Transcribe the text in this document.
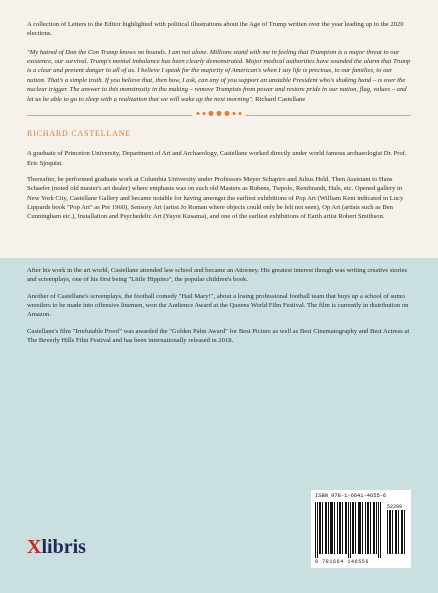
A collection of Letters to the Editor highlighted with political illustrations about the Age of Trump written over the year leading up to the 2020 elections.

"My hatred of Don the Con Trump knows no bounds. I am not alone. Millions stand with me in feeling that Trumpism is a major threat to our existence, our survival. Trump's mental imbalance has been clearly demonstrated. Major medical authorities have sounded the alarm that Trump is a clear and present danger to all of us. I believe I speak for the majority of American's when I say life is precious, to our families, to our nation. That's a simple truth. If you believe that, then how, I ask, can any of you support an unstable President who's shaking hand – is over the nuclear trigger. The answer to this monstrosity in the making – remove Trumpists from power and restore pride in our nation, flag, values – and let us be able to go to sleep with a realization that we will wake up the next morning". Richard Castellane

RICHARD CASTELLANE

A graduate of Princeton University, Department of Art and Archaeology, Castellane worked directly under world famous archaeologist Dr. Prof. Eric Sjoquist.

Thereafter, he performed graduate work at Columbia University under Professors Meyer Schapiro and Julius Held. Then Assistant to Hans Schaefer (noted old master's art dealer) where emphasis was on such old Masters as Rubens, Tiepolo, Rembrandt, Hals, etc. Opened gallery in New York City, Castellane Gallery and became notable for having amongst the earliest exhibitions of Pop Art (William Kent indicated in Lucy Lippards book "Pop Art" as Pre 1960), Sensory Art (artist Jo Roman where objects could only be felt not seen), Op Art (artists such as Ben Cunningham etc.), Installation and Psychedelic Art (Yayoi Kusama), and one of the earliest exhibitions of Earth artist Robert Smithson.

After his work in the art world, Castellane attended law school and became an Attorney. His greatest interest though was writing creative stories and screenplays, one of his first being "Little Hippino", the popular children's book.

Another of Castellane's screenplays, the football comedy "Hail Mary!", about a losing professional football team that buys up a school of sumo wrestlers to be made into offensive linemen, won the Audience Award at the Queens World Film Festival. The film is currently in distribution on Amazon.

Castellane's film "Irrefutable Proof" was awarded the "Golden Palm Award" for Best Picture as well as Best Cinematography and Best Actress at The Beverly Hills Film Festival and has been internationally released in 2018.

Xlibris
ISBN 978-1-6641-4655-6
52299
9 781664 146556
